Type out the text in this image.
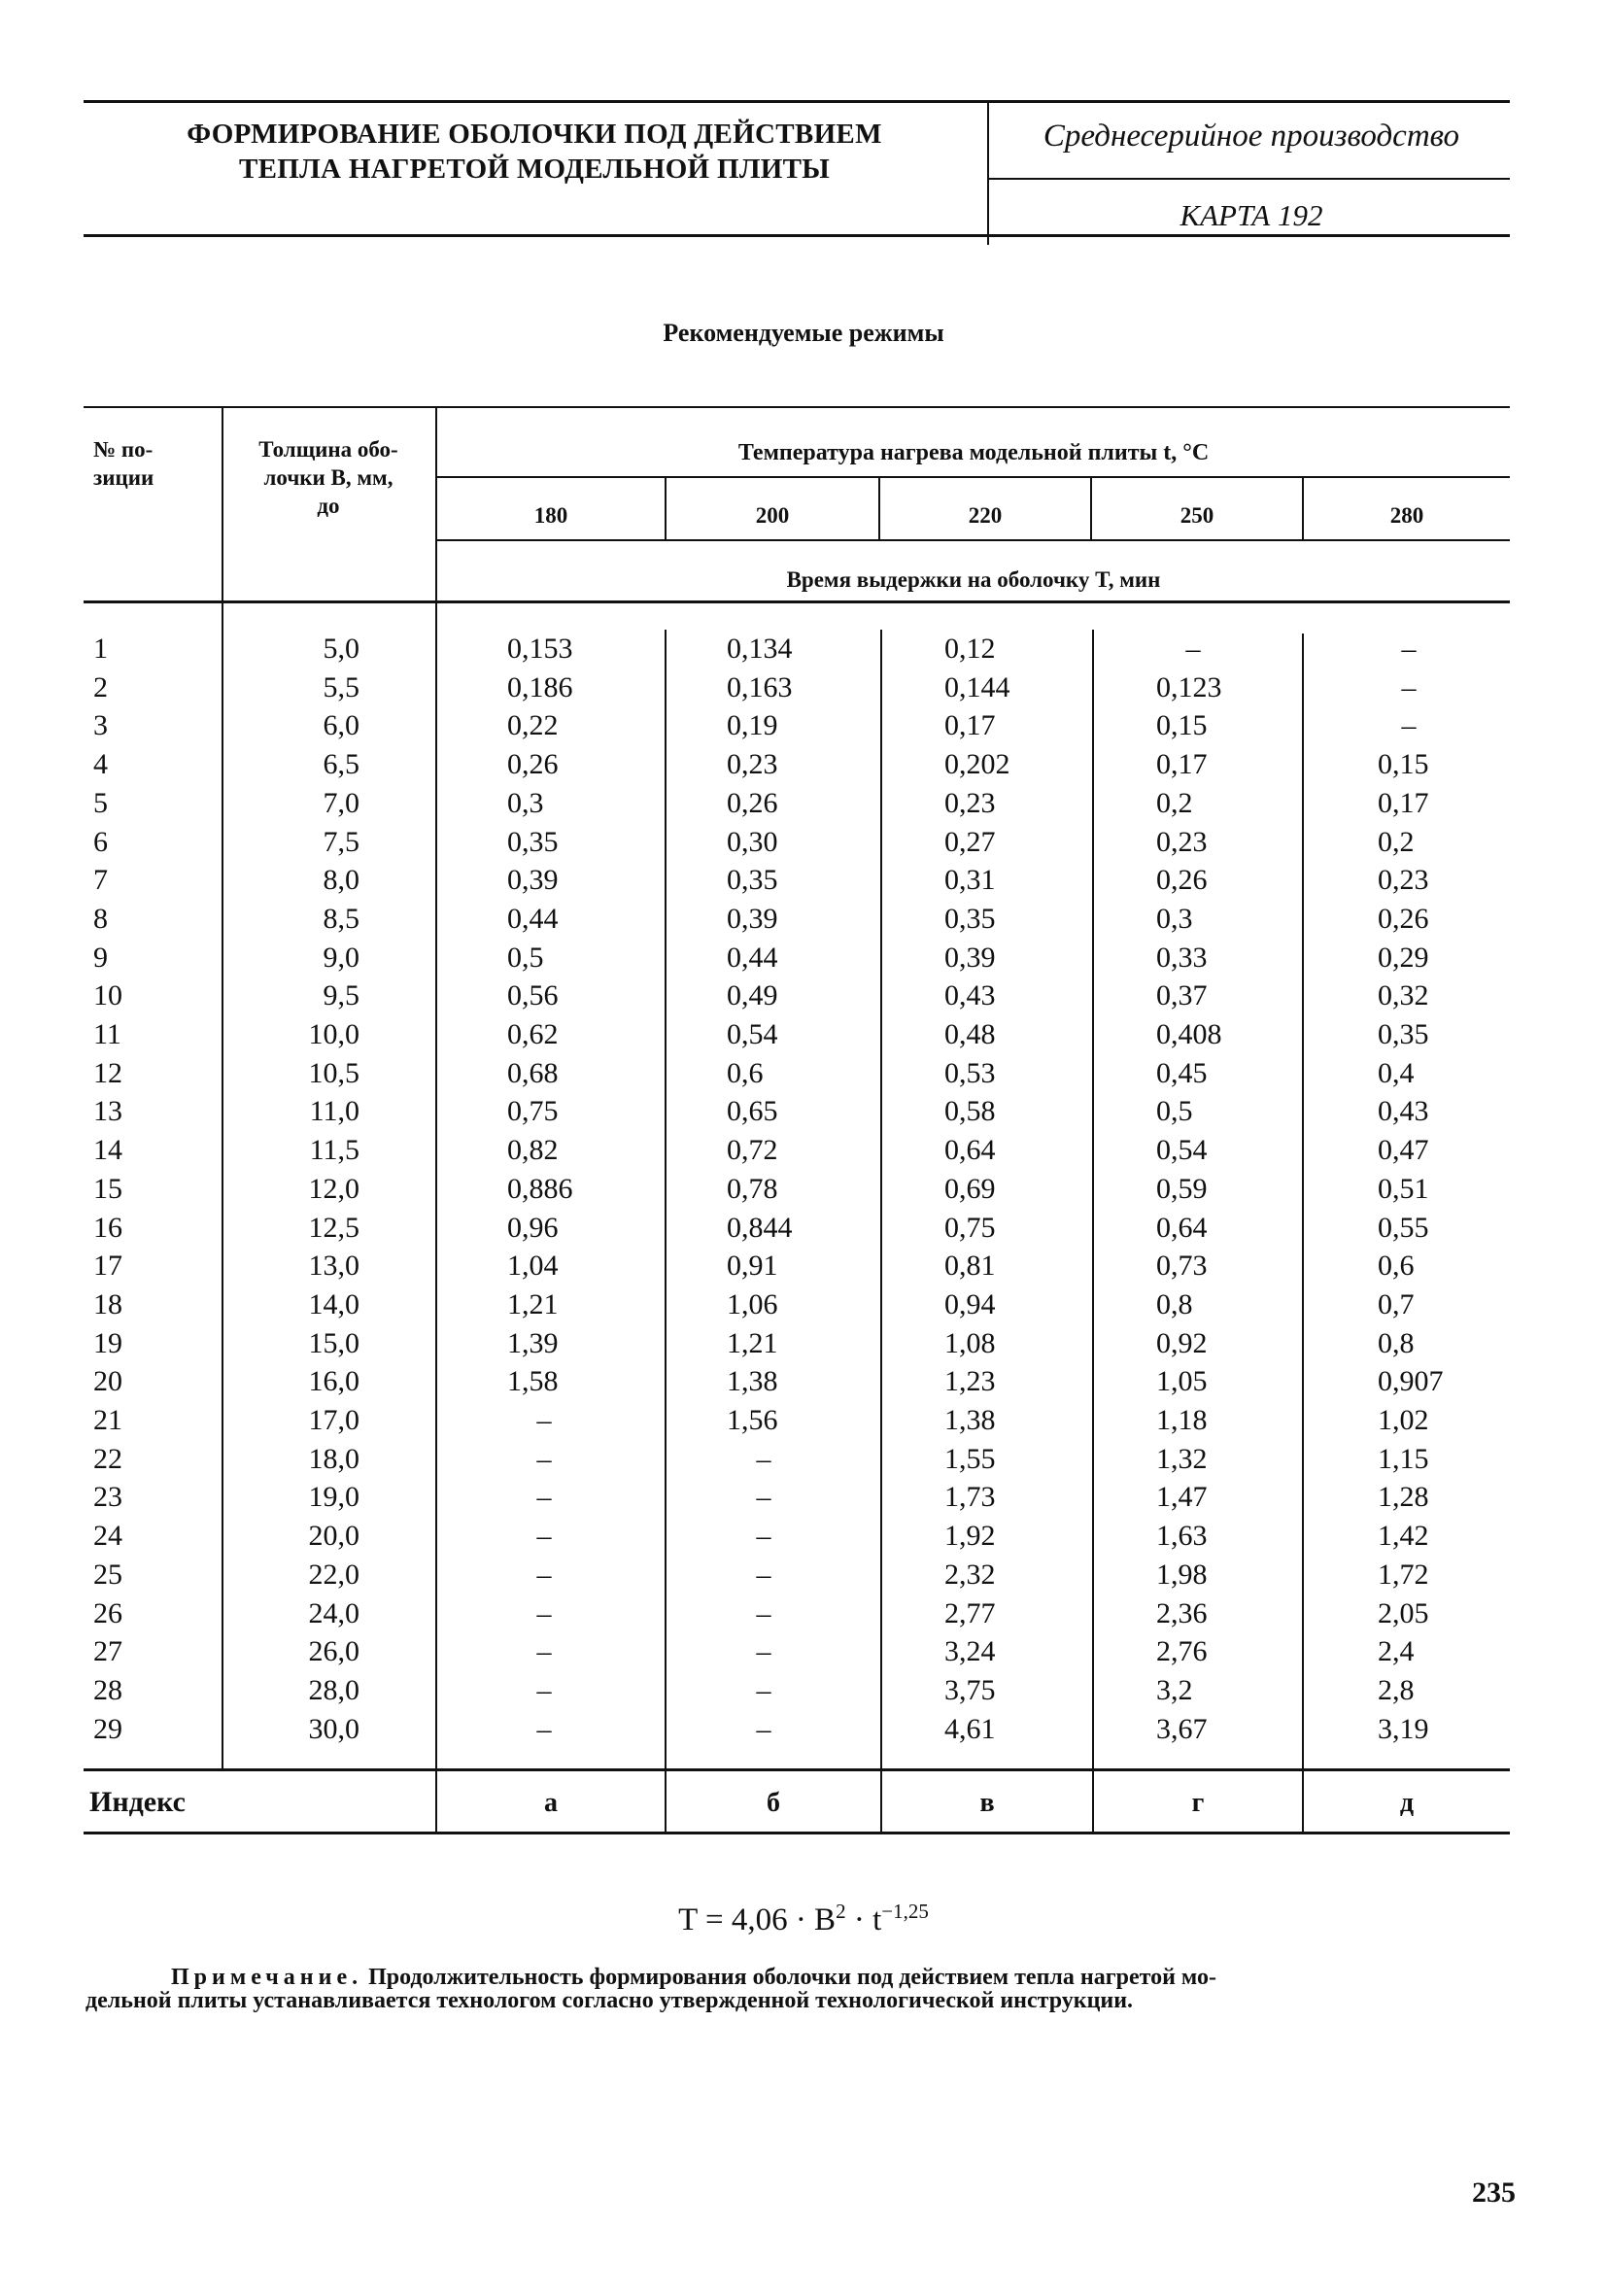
ФОРМИРОВАНИЕ ОБОЛОЧКИ ПОД ДЕЙСТВИЕМ
ТЕПЛА НАГРЕТОЙ МОДЕЛЬНОЙ ПЛИТЫ
Среднесерийное производство
КАРТА 192
Рекомендуемые режимы
№ по-
зиции
Толщина обо-
лочки B, мм,
до
Температура нагрева модельной плиты t, °C
180	200	220	250	280
Время выдержки на оболочку T, мин
1	5,0	0,153	0,134	0,12	–	–
2	5,5	0,186	0,163	0,144	0,123	–
3	6,0	0,22	0,19	0,17	0,15	–
4	6,5	0,26	0,23	0,202	0,17	0,15
5	7,0	0,3	0,26	0,23	0,2	0,17
6	7,5	0,35	0,30	0,27	0,23	0,2
7	8,0	0,39	0,35	0,31	0,26	0,23
8	8,5	0,44	0,39	0,35	0,3	0,26
9	9,0	0,5	0,44	0,39	0,33	0,29
10	9,5	0,56	0,49	0,43	0,37	0,32
11	10,0	0,62	0,54	0,48	0,408	0,35
12	10,5	0,68	0,6	0,53	0,45	0,4
13	11,0	0,75	0,65	0,58	0,5	0,43
14	11,5	0,82	0,72	0,64	0,54	0,47
15	12,0	0,886	0,78	0,69	0,59	0,51
16	12,5	0,96	0,844	0,75	0,64	0,55
17	13,0	1,04	0,91	0,81	0,73	0,6
18	14,0	1,21	1,06	0,94	0,8	0,7
19	15,0	1,39	1,21	1,08	0,92	0,8
20	16,0	1,58	1,38	1,23	1,05	0,907
21	17,0	–	1,56	1,38	1,18	1,02
22	18,0	–	–	1,55	1,32	1,15
23	19,0	–	–	1,73	1,47	1,28
24	20,0	–	–	1,92	1,63	1,42
25	22,0	–	–	2,32	1,98	1,72
26	24,0	–	–	2,77	2,36	2,05
27	26,0	–	–	3,24	2,76	2,4
28	28,0	–	–	3,75	3,2	2,8
29	30,0	–	–	4,61	3,67	3,19
Индекс	а	б	в	г	д
$T = 4,06 \cdot B^2 \cdot t^{-1,25}$
Примечание. Продолжительность формирования оболочки под действием тепла нагретой мо-
дельной плиты устанавливается технологом согласно утвержденной технологической инструкции.
235
